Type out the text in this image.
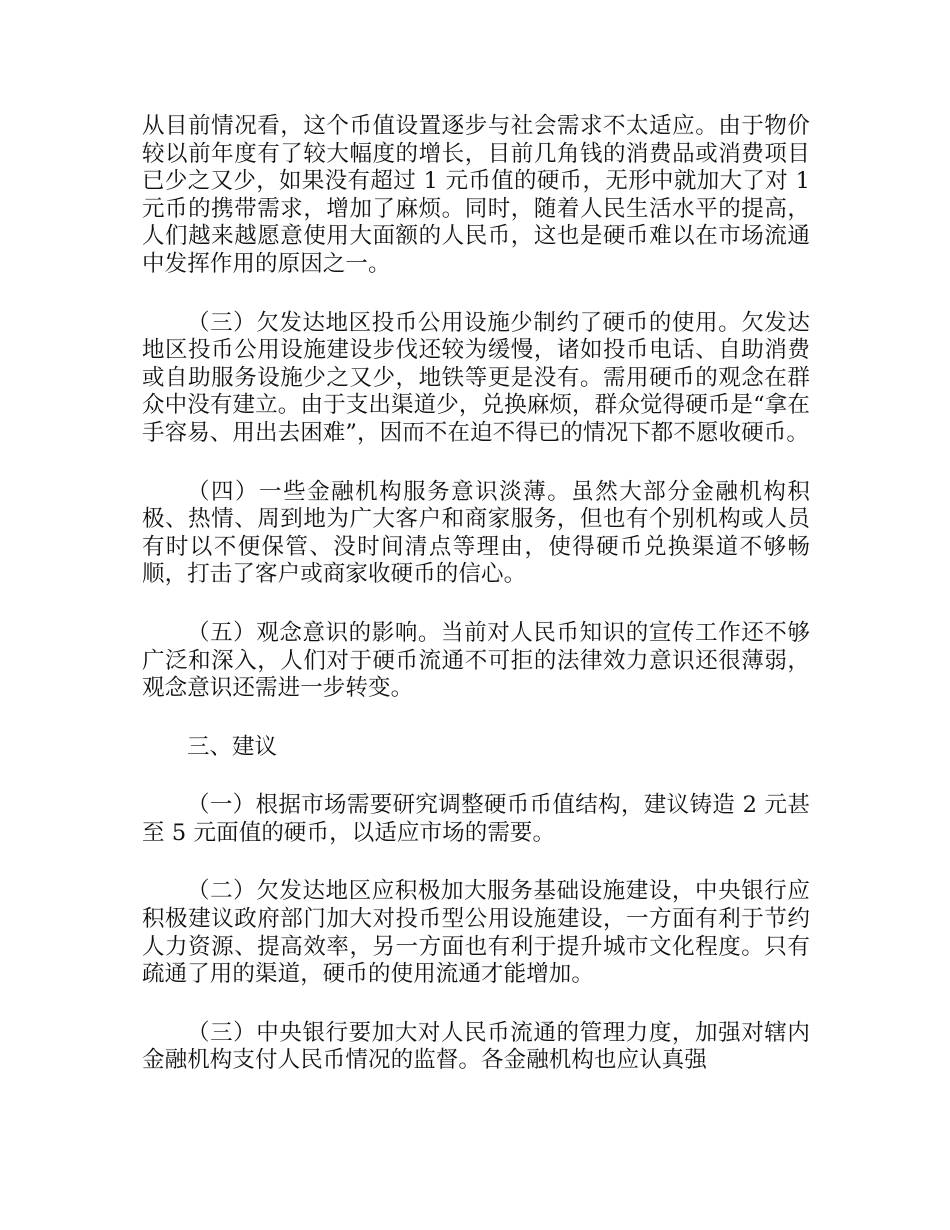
从目前情况看，这个币值设置逐步与社会需求不太适应。由于物价较以前年度有了较大幅度的增长，目前几角钱的消费品或消费项目已少之又少，如果没有超过 1 元币值的硬币，无形中就加大了对 1 元币的携带需求，增加了麻烦。同时，随着人民生活水平的提高，人们越来越愿意使用大面额的人民币，这也是硬币难以在市场流通中发挥作用的原因之一。

（三）欠发达地区投币公用设施少制约了硬币的使用。欠发达地区投币公用设施建设步伐还较为缓慢，诸如投币电话、自助消费或自助服务设施少之又少，地铁等更是没有。需用硬币的观念在群众中没有建立。由于支出渠道少，兑换麻烦，群众觉得硬币是“拿在手容易、用出去困难”，因而不在迫不得已的情况下都不愿收硬币。

（四）一些金融机构服务意识淡薄。虽然大部分金融机构积极、热情、周到地为广大客户和商家服务，但也有个别机构或人员有时以不便保管、没时间清点等理由，使得硬币兑换渠道不够畅顺，打击了客户或商家收硬币的信心。

（五）观念意识的影响。当前对人民币知识的宣传工作还不够广泛和深入，人们对于硬币流通不可拒的法律效力意识还很薄弱，观念意识还需进一步转变。

三、建议

（一）根据市场需要研究调整硬币币值结构，建议铸造 2 元甚至 5 元面值的硬币，以适应市场的需要。

（二）欠发达地区应积极加大服务基础设施建设，中央银行应积极建议政府部门加大对投币型公用设施建设，一方面有利于节约人力资源、提高效率，另一方面也有利于提升城市文化程度。只有疏通了用的渠道，硬币的使用流通才能增加。

（三）中央银行要加大对人民币流通的管理力度，加强对辖内金融机构支付人民币情况的监督。各金融机构也应认真强
